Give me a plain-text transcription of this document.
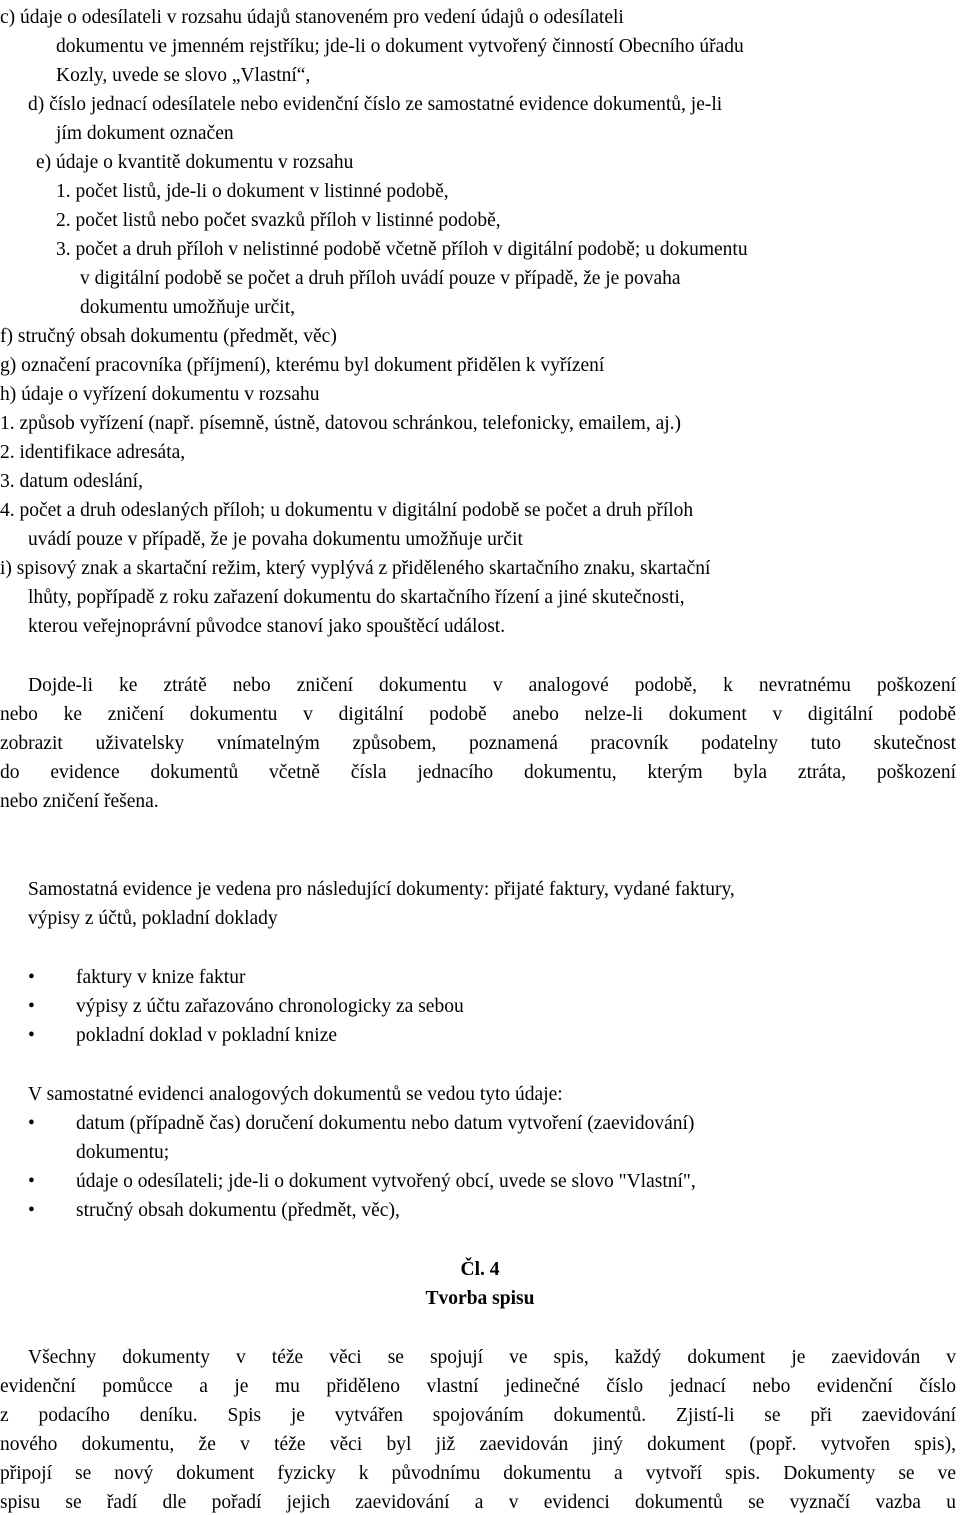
c) údaje o odesílateli v rozsahu údajů stanoveném pro vedení údajů o odesílateli
dokumentu ve jmenném rejstříku; jde-li o dokument vytvořený činností Obecního úřadu
Kozly, uvede se slovo „Vlastní“,
d) číslo jednací odesílatele nebo evidenční číslo ze samostatné evidence dokumentů, je-li
jím dokument označen
e) údaje o kvantitě dokumentu v rozsahu
1. počet listů, jde-li o dokument v listinné podobě,
2. počet listů nebo počet svazků příloh v listinné podobě,
3. počet a druh příloh v nelistinné podobě včetně příloh v digitální podobě; u dokumentu
v digitální podobě se počet a druh příloh uvádí pouze v případě, že je povaha
dokumentu umožňuje určit,
f) stručný obsah dokumentu (předmět, věc)
g) označení pracovníka (příjmení), kterému byl dokument přidělen k vyřízení
h) údaje o vyřízení dokumentu v rozsahu
1. způsob vyřízení (např. písemně, ústně, datovou schránkou, telefonicky, emailem, aj.)
2. identifikace adresáta,
3. datum odeslání,
4. počet a druh odeslaných příloh; u dokumentu v digitální podobě se počet a druh příloh
uvádí pouze v případě, že je povaha dokumentu umožňuje určit
i) spisový znak a skartační režim, který vyplývá z přiděleného skartačního znaku, skartační
lhůty, popřípadě z roku zařazení dokumentu do skartačního řízení a jiné skutečnosti,
kterou veřejnoprávní původce stanoví jako spouštěcí událost.
Dojde-li ke ztrátě nebo zničení dokumentu v analogové podobě, k nevratnému poškození
nebo ke zničení dokumentu v digitální podobě anebo nelze-li dokument v digitální podobě
zobrazit uživatelsky vnímatelným způsobem, poznamená pracovník podatelny tuto skutečnost
do evidence dokumentů včetně čísla jednacího dokumentu, kterým byla ztráta, poškození
nebo zničení řešena.
Samostatná evidence je vedena pro následující dokumenty: přijaté faktury, vydané faktury,
výpisy z účtů, pokladní doklady
• faktury v knize faktur
• výpisy z účtu zařazováno chronologicky za sebou
• pokladní doklad v pokladní knize
V samostatné evidenci analogových dokumentů se vedou tyto údaje:
• datum (případně čas) doručení dokumentu nebo datum vytvoření (zaevidování)
dokumentu;
• údaje o odesílateli; jde-li o dokument vytvořený obcí, uvede se slovo "Vlastní",
• stručný obsah dokumentu (předmět, věc),
Čl. 4
Tvorba spisu
Všechny dokumenty v téže věci se spojují ve spis, každý dokument je zaevidován v
evidenční pomůcce a je mu přiděleno vlastní jedinečné číslo jednací nebo evidenční číslo
z podacího deníku. Spis je vytvářen spojováním dokumentů. Zjistí-li se při zaevidování
nového dokumentu, že v téže věci byl již zaevidován jiný dokument (popř. vytvořen spis),
připojí se nový dokument fyzicky k původnímu dokumentu a vytvoří spis. Dokumenty se ve
spisu se řadí dle pořadí jejich zaevidování a v evidenci dokumentů se vyznačí vazba u
